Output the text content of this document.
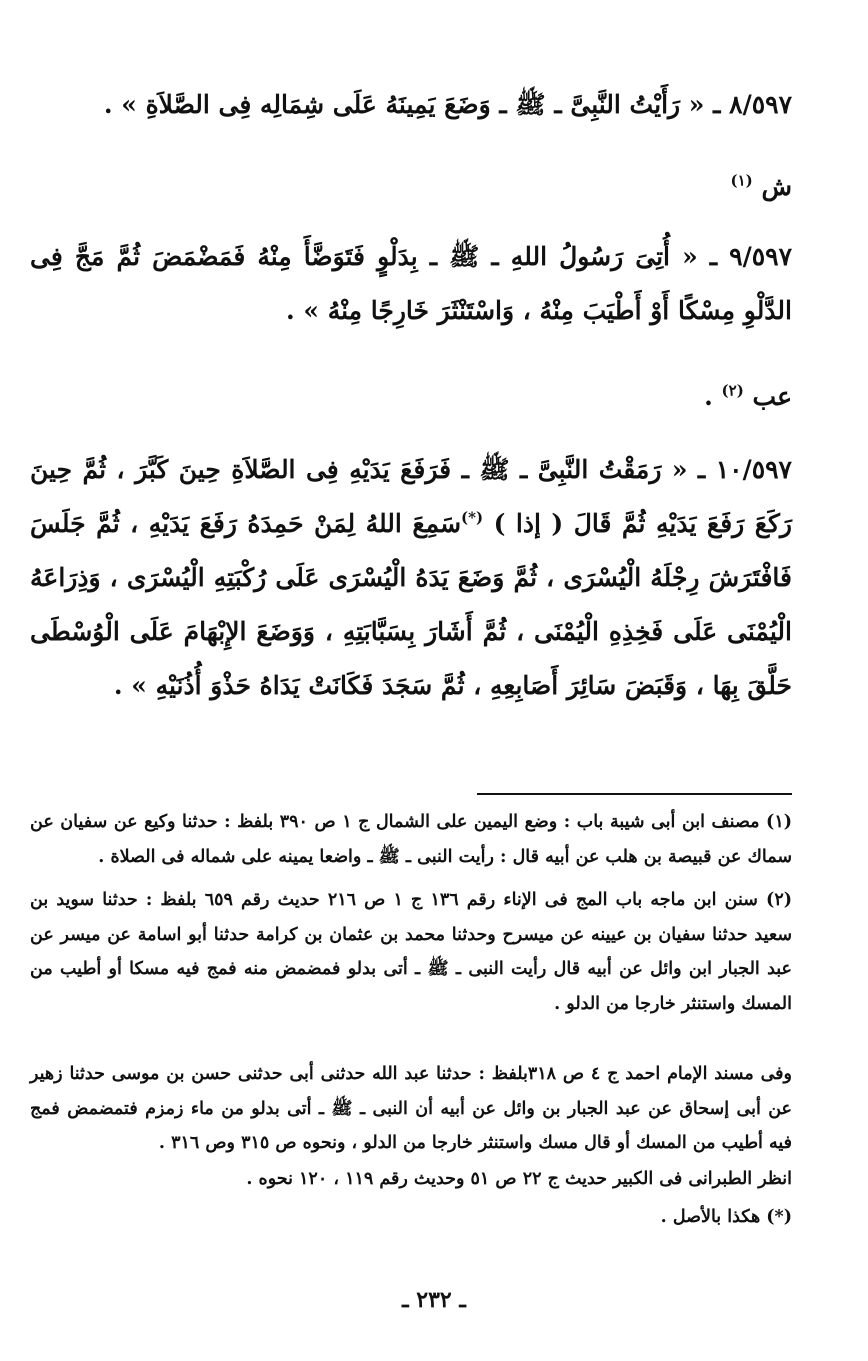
٨/٥٩٧ ـ « رَأَيْتُ النَّبِىَّ ـ ﷺ ـ وَضَعَ يَمِينَهُ عَلَى شِمَالِه فِى الصَّلاَةِ » .

ش $^{(١)}$

٩/٥٩٧ ـ « أُتِىَ رَسُولُ اللهِ ـ ﷺ ـ بِدَلْوٍ فَتَوَضَّأَ مِنْهُ فَمَضْمَضَ ثُمَّ مَجَّ فِى الدَّلْوِ مِسْكًا أَوْ أَطْيَبَ مِنْهُ ، وَاسْتَنْثَرَ خَارِجًا مِنْهُ » .

عب $^{(٢)}$ .

١٠/٥٩٧ ـ « رَمَقْتُ النَّبِىَّ ـ ﷺ ـ فَرَفَعَ يَدَيْهِ فِى الصَّلاَةِ حِينَ كَبَّرَ ، ثُمَّ حِينَ رَكَعَ رَفَعَ يَدَيْهِ ثُمَّ قَالَ ( إذا ) (*)سَمِعَ اللهُ لِمَنْ حَمِدَهُ رَفَعَ يَدَيْهِ ، ثُمَّ جَلَسَ فَافْتَرَشَ رِجْلَهُ الْيُسْرَى ، ثُمَّ وَضَعَ يَدَهُ الْيُسْرَى عَلَى رُكْبَتِهِ الْيُسْرَى ، وَذِرَاعَهُ الْيُمْنَى عَلَى فَخِذِهِ الْيُمْنَى ، ثُمَّ أَشَارَ بِسَبَّابَتِهِ ، وَوَضَعَ الإِبْهَامَ عَلَى الْوُسْطَى حَلَّقَ بِهَا ، وَقَبَضَ سَائِرَ أَصَابِعِهِ ، ثُمَّ سَجَدَ فَكَانَتْ يَدَاهُ حَذْوَ أُذُنَيْهِ » .

(١) مصنف ابن أبى شيبة باب : وضع اليمين على الشمال ج ١ ص ٣٩٠ بلفظ : حدثنا وكيع عن سفيان عن سماك عن قبيصة بن هلب عن أبيه قال : رأيت النبى ـ ﷺ ـ واضعا يمينه على شماله فى الصلاة .

(٢) سنن ابن ماجه باب المج فى الإناء رقم ١٣٦ ج ١ ص ٢١٦ حديث رقم ٦٥٩ بلفظ : حدثنا سويد بن سعيد حدثنا سفيان بن عيينه عن ميسرح وحدثنا محمد بن عثمان بن كرامة حدثنا أبو اسامة عن ميسر عن عبد الجبار ابن وائل عن أبيه قال رأيت النبى ـ ﷺ ـ أتى بدلو فمضمض منه فمج فيه مسكا أو أطيب من المسك واستنثر خارجا من الدلو .

وفى مسند الإمام احمد ج ٤ ص ٣١٨بلفظ : حدثنا عبد الله حدثنى أبى حدثنى حسن بن موسى حدثنا زهير عن أبى إسحاق عن عبد الجبار بن وائل عن أبيه أن النبى ـ ﷺ ـ أتى بدلو من ماء زمزم فتمضمض فمج فيه أطيب من المسك أو قال مسك واستنثر خارجا من الدلو ، ونحوه ص ٣١٥ وص ٣١٦ .

انظر الطبرانى فى الكبير حديث ج ٢٢ ص ٥١ وحديث رقم ١١٩ ، ١٢٠ نحوه .

(*) هكذا بالأصل .

ـ ٢٣٢ ـ
